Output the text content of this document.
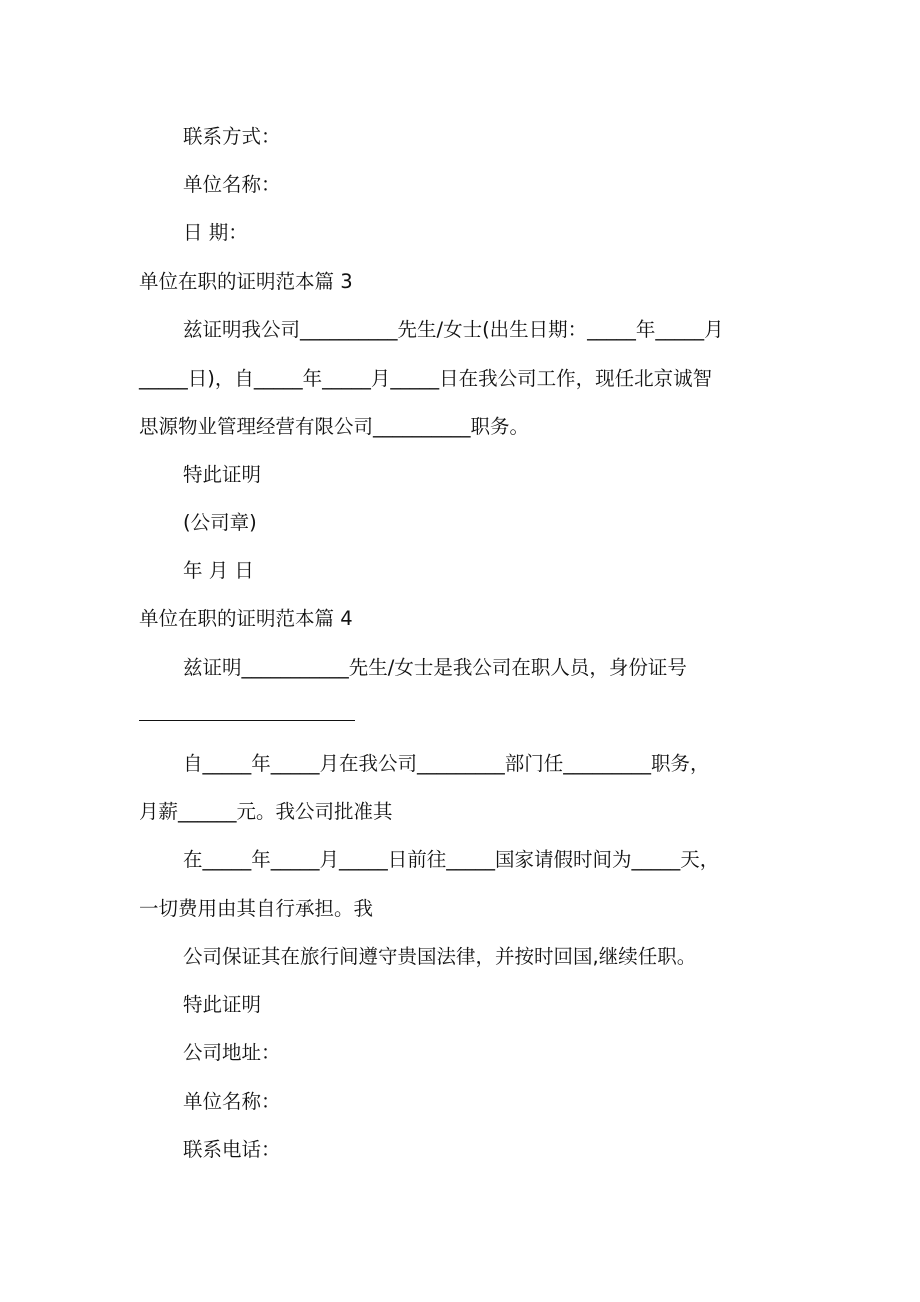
联系方式：
单位名称：
日 期：
单位在职的证明范本篇 3
兹证明我公司__________先生/女士(出生日期：_____年_____月
_____日)，自_____年_____月_____日在我公司工作，现任北京诚智
思源物业管理经营有限公司__________职务。
特此证明
(公司章)
年 月 日
单位在职的证明范本篇 4
兹证明___________先生/女士是我公司在职人员，身份证号
自_____年_____月在我公司_________部门任_________职务，
月薪______元。我公司批准其
在_____年_____月_____日前往_____国家请假时间为_____天，
一切费用由其自行承担。我
公司保证其在旅行间遵守贵国法律，并按时回国,继续任职。
特此证明
公司地址：
单位名称：
联系电话：
